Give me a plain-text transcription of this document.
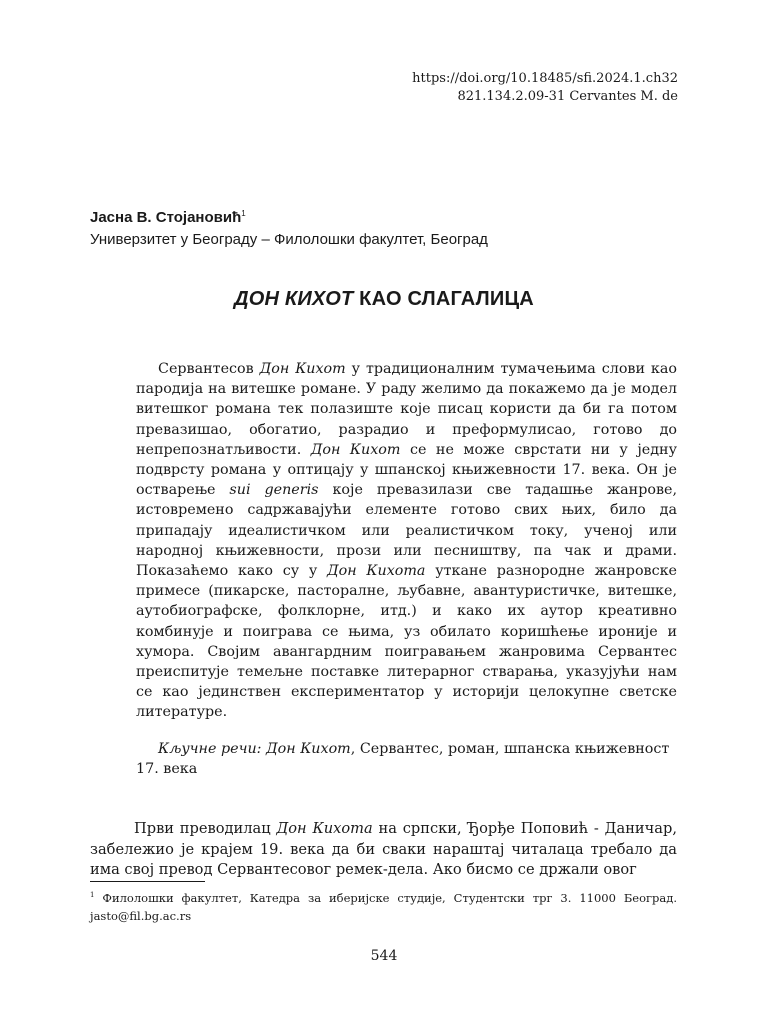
https://doi.org/10.18485/sfi.2024.1.ch32
821.134.2.09-31 Cervantes M. de
Јасна В. Стојановић$^1$
Универзитет у Београду – Филолошки факултет, Београд
ДОН КИХОТ КАО СЛАГАЛИЦА

Сервантесов Дон Кихот у традиционалним тумачењима слови као пародија на витешке романе. У раду желимо да покажемо да је модел витешког романа тек полазиште које писац користи да би га потом превазишао, обогатио, разрадио и преформулисао, готово до непрепознатљивости. Дон Кихот се не може сврстати ни у једну подврсту романа у оптицају у шпанској књижевности 17. века. Он је остварење sui generis које превазилази све тадашње жанрове, истовремено садржавајући елементе готово свих њих, било да припадају идеалистичком или реалистичком току, ученој или народној књижевности, прози или песништву, па чак и драми. Показаћемо како су у Дон Кихота уткане разнородне жанровске примесе (пикарске, пасторалне, љубавне, авантуристичке, витешке, аутобиографске, фолклорне, итд.) и како их аутор креативно комбинује и поиграва се њима, уз обилато коришћење ироније и хумора. Својим авангардним поигравањем жанровима Сервантес преиспитује темељне поставке литерарног стварања, указујући нам се као јединствен експериментатор у историји целокупне светске литературе.

Кључне речи: Дон Кихот, Сервантес, роман, шпанска књижевност 17. века

Први преводилац Дон Кихота на српски, Ђорђе Поповић - Даничар, забележио је крајем 19. века да би сваки нараштај читалаца требало да има свој превод Сервантесовог ремек-дела. Ако бисмо се држали овог

$^1$ Филолошки факултет, Катедра за иберијске студије, Студентски трг 3. 11000 Београд. jasto@fil.bg.ac.rs
544
